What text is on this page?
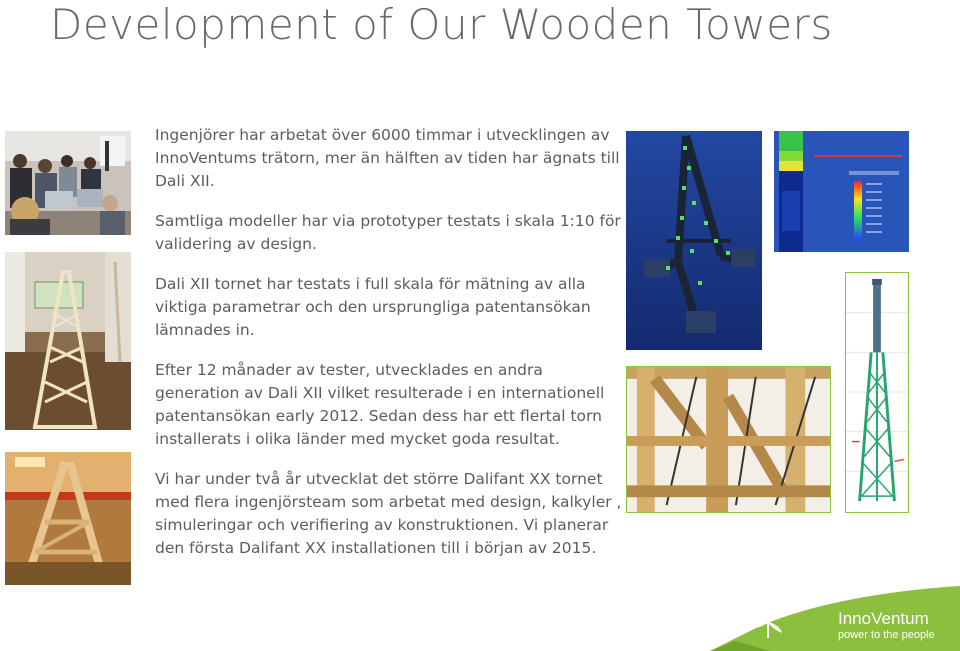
Development of Our Wooden Towers

Ingenjörer har arbetat över 6000 timmar i utvecklingen av InnoVentums trätorn, mer än hälften av tiden har ägnats till Dali XII.

Samtliga modeller har via prototyper testats i skala 1:10 för validering av design.

Dali XII tornet har testats i full skala för mätning av alla viktiga parametrar och den ursprungliga patentansökan lämnades in.

Efter 12 månader av tester, utvecklades en andra generation av Dali XII vilket resulterade i en internationell patentansökan early 2012. Sedan dess har ett flertal torn installerats i olika länder med mycket goda resultat.

Vi har under två år utvecklat det större Dalifant XX tornet med flera ingenjörsteam som arbetat med design, kalkyler , simuleringar och verifiering av konstruktionen. Vi planerar den första Dalifant XX installationen till i början av 2015.

InnoVentum
power to the people
